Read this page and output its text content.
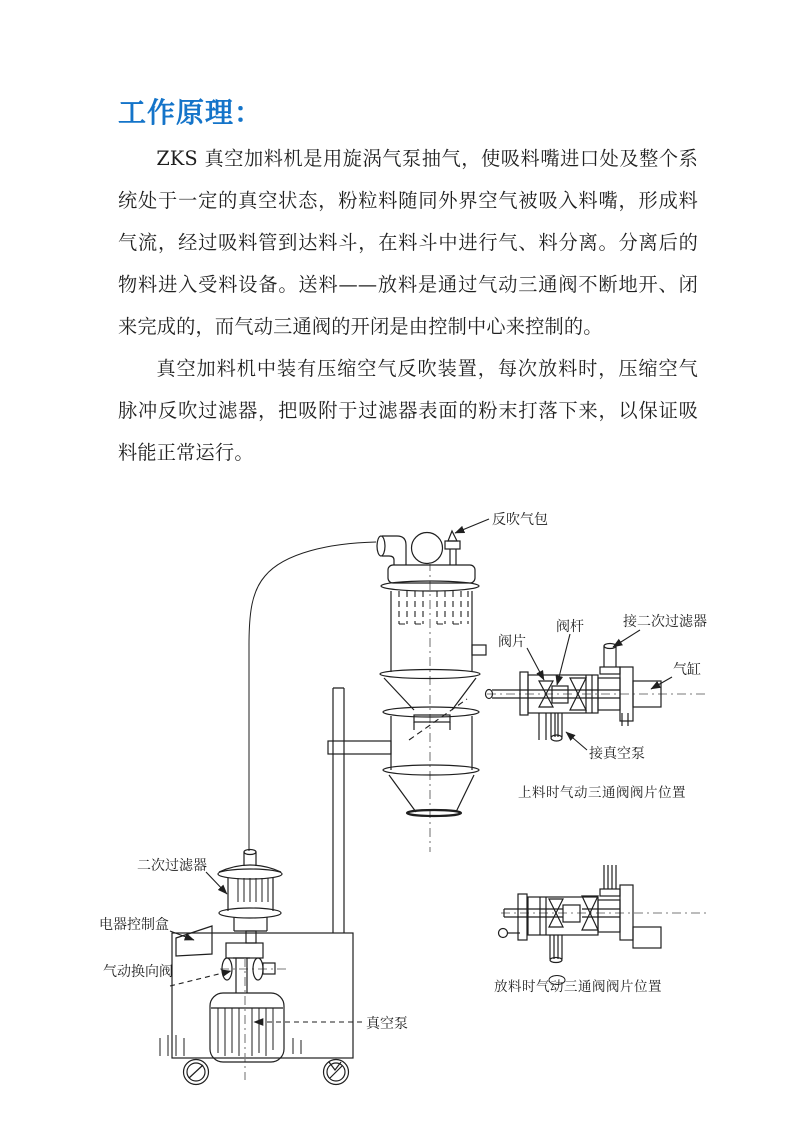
工作原理：

ZKS 真空加料机是用旋涡气泵抽气，使吸料嘴进口处及整个系统处于一定的真空状态，粉粒料随同外界空气被吸入料嘴，形成料气流，经过吸料管到达料斗，在料斗中进行气、料分离。分离后的物料进入受料设备。送料——放料是通过气动三通阀不断地开、闭来完成的，而气动三通阀的开闭是由控制中心来控制的。

真空加料机中装有压缩空气反吹装置，每次放料时，压缩空气脉冲反吹过滤器，把吸附于过滤器表面的粉末打落下来，以保证吸料能正常运行。

反吹气包
二次过滤器
电器控制盒
气动换向阀
真空泵
阀片
阀杆	接二次过滤器
气缸
接真空泵
上料时气动三通阀阀片位置
放料时气动三通阀阀片位置
